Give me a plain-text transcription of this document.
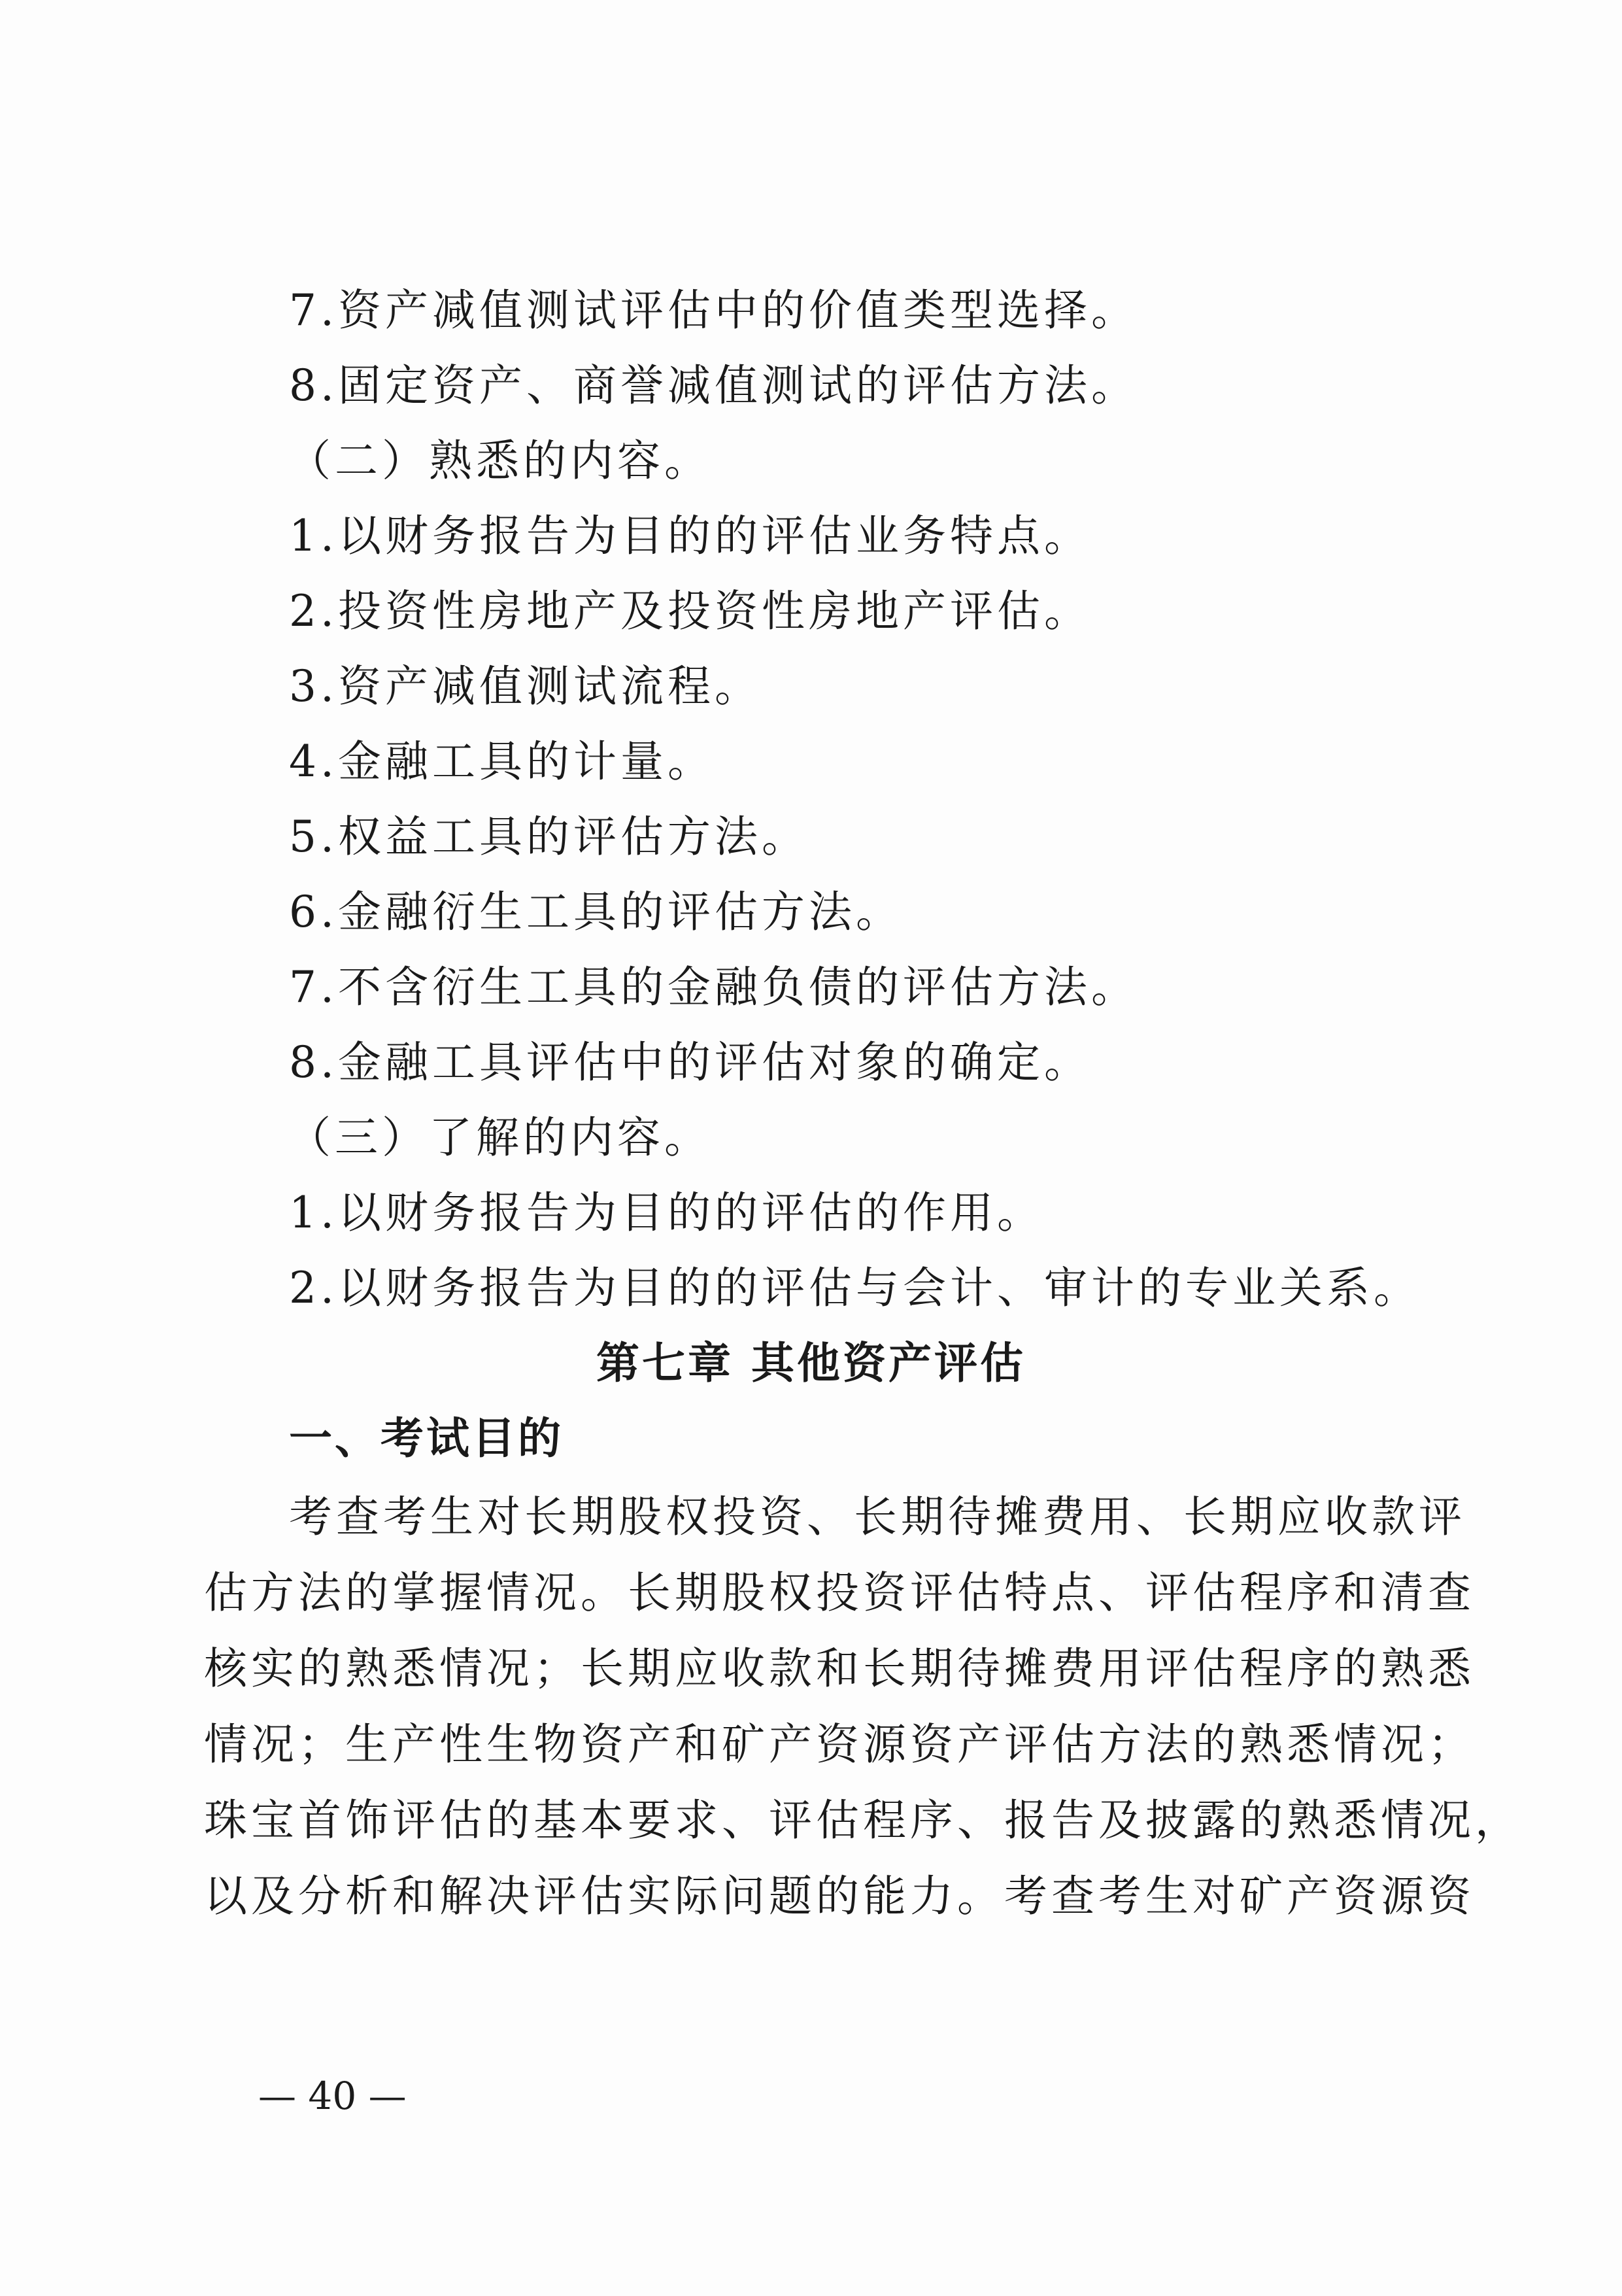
7.资产减值测试评估中的价值类型选择。
8.固定资产、商誉减值测试的评估方法。
（二）熟悉的内容。
1.以财务报告为目的的评估业务特点。
2.投资性房地产及投资性房地产评估。
3.资产减值测试流程。
4.金融工具的计量。
5.权益工具的评估方法。
6.金融衍生工具的评估方法。
7.不含衍生工具的金融负债的评估方法。
8.金融工具评估中的评估对象的确定。
（三）了解的内容。
1.以财务报告为目的的评估的作用。
2.以财务报告为目的的评估与会计、审计的专业关系。
第七章 其他资产评估
一、考试目的
考查考生对长期股权投资、长期待摊费用、长期应收款评
估方法的掌握情况。长期股权投资评估特点、评估程序和清查
核实的熟悉情况；长期应收款和长期待摊费用评估程序的熟悉
情况；生产性生物资产和矿产资源资产评估方法的熟悉情况；
珠宝首饰评估的基本要求、评估程序、报告及披露的熟悉情况，
以及分析和解决评估实际问题的能力。考查考生对矿产资源资
— 40 —
